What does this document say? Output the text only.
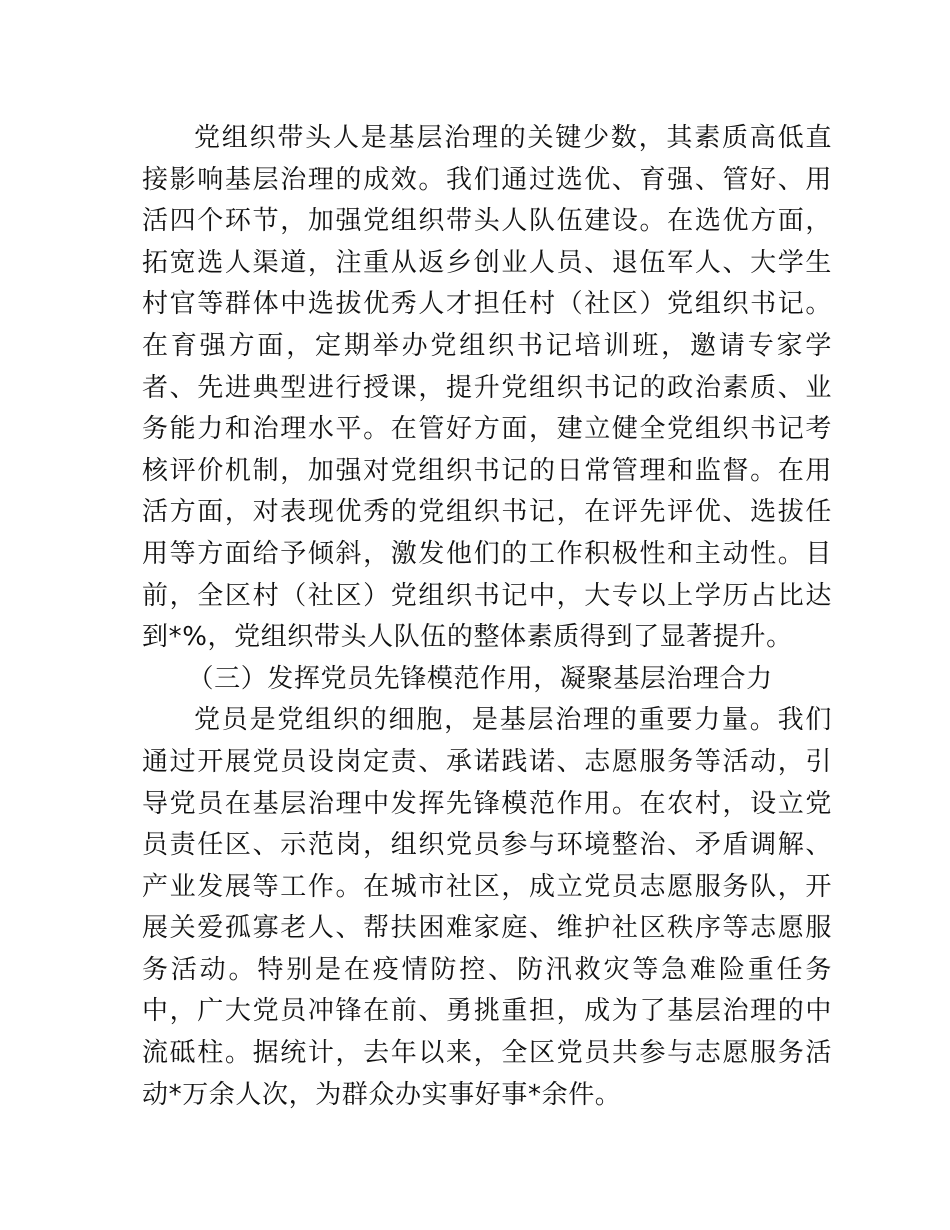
党组织带头人是基层治理的关键少数，其素质高低直接影响基层治理的成效。我们通过选优、育强、管好、用活四个环节，加强党组织带头人队伍建设。在选优方面，拓宽选人渠道，注重从返乡创业人员、退伍军人、大学生村官等群体中选拔优秀人才担任村（社区）党组织书记。在育强方面，定期举办党组织书记培训班，邀请专家学者、先进典型进行授课，提升党组织书记的政治素质、业务能力和治理水平。在管好方面，建立健全党组织书记考核评价机制，加强对党组织书记的日常管理和监督。在用活方面，对表现优秀的党组织书记，在评先评优、选拔任用等方面给予倾斜，激发他们的工作积极性和主动性。目前，全区村（社区）党组织书记中，大专以上学历占比达到*%，党组织带头人队伍的整体素质得到了显著提升。

（三）发挥党员先锋模范作用，凝聚基层治理合力

党员是党组织的细胞，是基层治理的重要力量。我们通过开展党员设岗定责、承诺践诺、志愿服务等活动，引导党员在基层治理中发挥先锋模范作用。在农村，设立党员责任区、示范岗，组织党员参与环境整治、矛盾调解、产业发展等工作。在城市社区，成立党员志愿服务队，开展关爱孤寡老人、帮扶困难家庭、维护社区秩序等志愿服务活动。特别是在疫情防控、防汛救灾等急难险重任务中，广大党员冲锋在前、勇挑重担，成为了基层治理的中流砥柱。据统计，去年以来，全区党员共参与志愿服务活动*万余人次，为群众办实事好事*余件。
